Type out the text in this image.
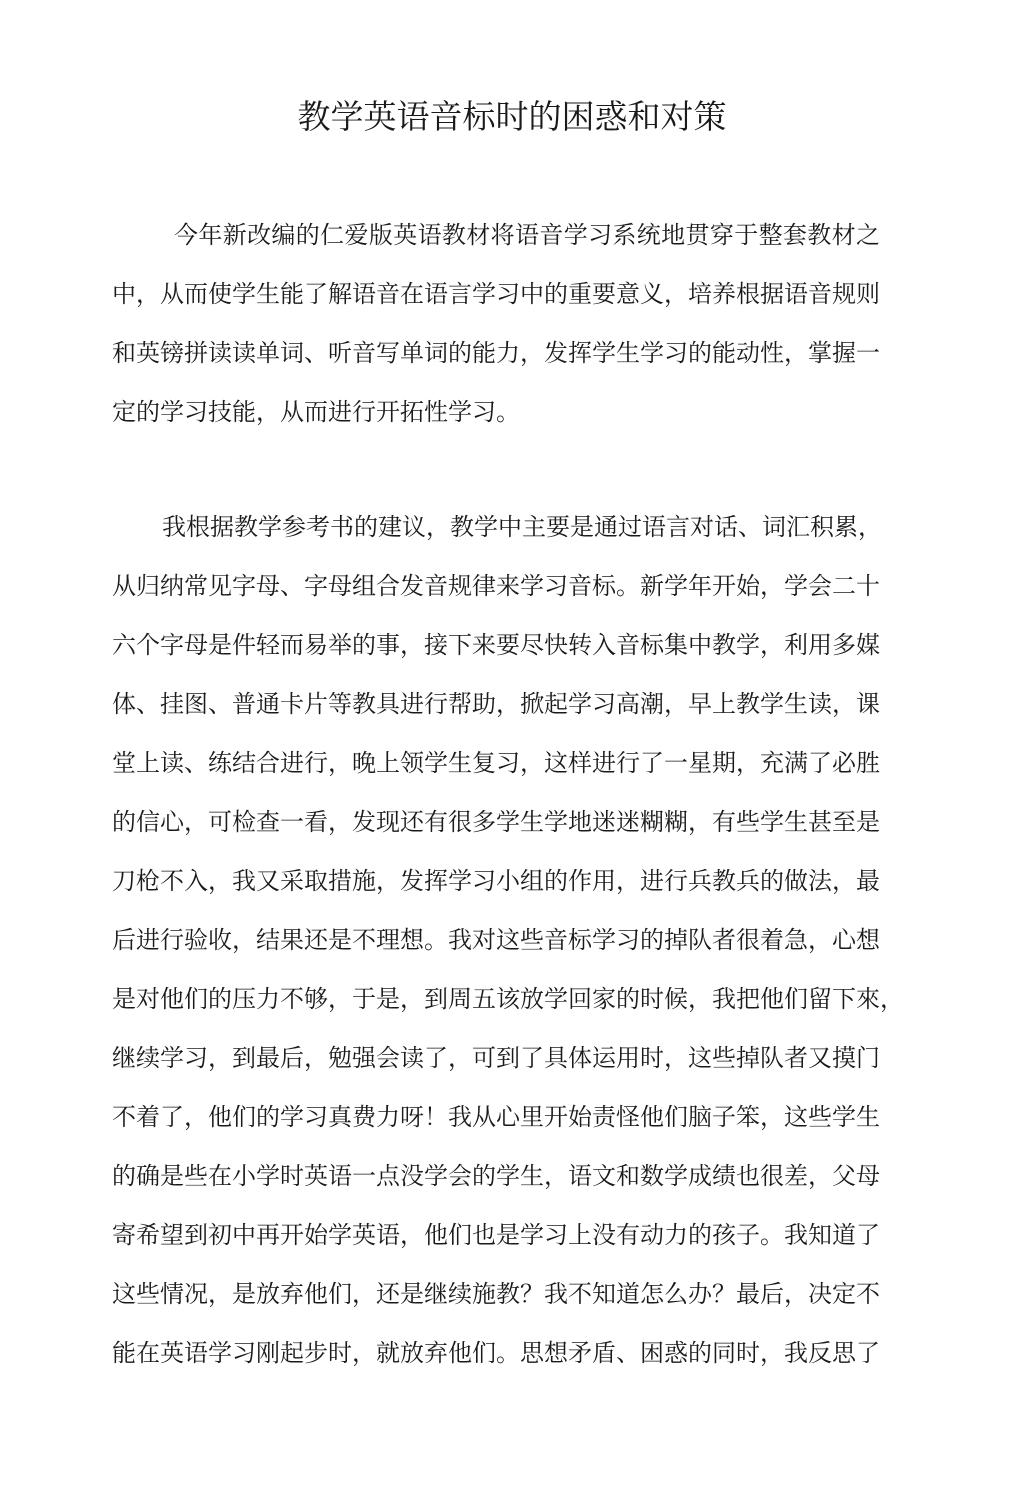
教学英语音标时的困惑和对策
今年新改编的仁爱版英语教材将语音学习系统地贯穿于整套教材之
中，从而使学生能了解语音在语言学习中的重要意义，培养根据语音规则
和英镑拼读读单词、听音写单词的能力，发挥学生学习的能动性，掌握一
定的学习技能，从而进行开拓性学习。
我根据教学参考书的建议，教学中主要是通过语言对话、词汇积累，
从归纳常见字母、字母组合发音规律来学习音标。新学年开始，学会二十
六个字母是件轻而易举的事，接下来要尽快转入音标集中教学，利用多媒
体、挂图、普通卡片等教具进行帮助，掀起学习高潮，早上教学生读，课
堂上读、练结合进行，晚上领学生复习，这样进行了一星期，充满了必胜
的信心，可检查一看，发现还有很多学生学地迷迷糊糊，有些学生甚至是
刀枪不入，我又采取措施，发挥学习小组的作用，进行兵教兵的做法，最
后进行验收，结果还是不理想。我对这些音标学习的掉队者很着急，心想
是对他们的压力不够，于是，到周五该放学回家的时候，我把他们留下來，
继续学习，到最后，勉强会读了，可到了具体运用时，这些掉队者又摸门
不着了，他们的学习真费力呀！我从心里开始责怪他们脑子笨，这些学生
的确是些在小学时英语一点没学会的学生，语文和数学成绩也很差，父母
寄希望到初中再开始学英语，他们也是学习上没有动力的孩子。我知道了
这些情况，是放弃他们，还是继续施教？我不知道怎么办？最后，决定不
能在英语学习刚起步时，就放弃他们。思想矛盾、困惑的同时，我反思了
